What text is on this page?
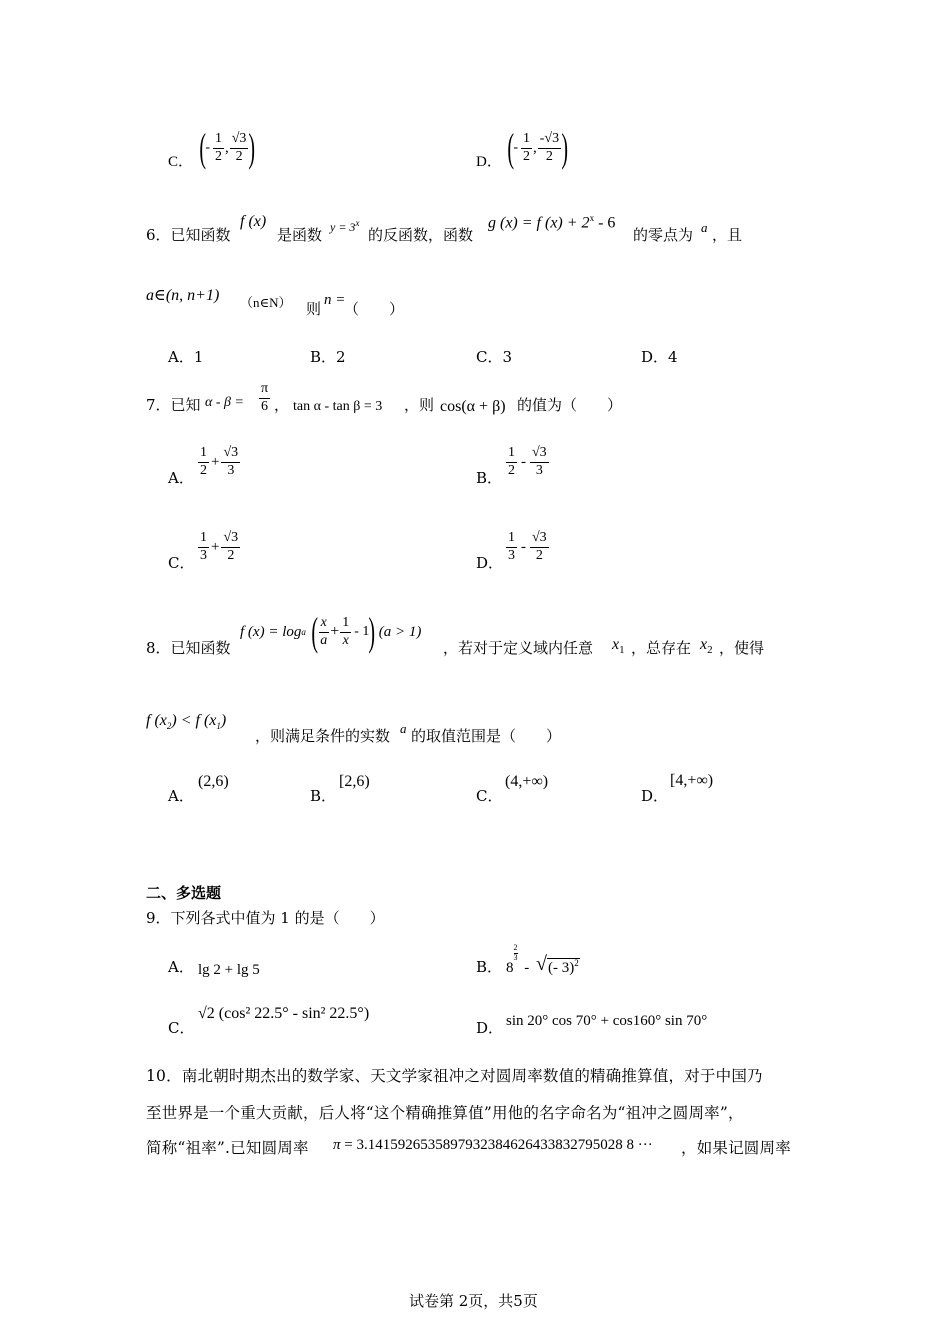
C． ( - $\frac{1}{2}$ , $\frac{√3}{2}$ )	D． ( - $\frac{1}{2}$ , $\frac{-√3}{2}$ )
6．已知函数
f (x)
是函数 $y = 3^x$
的反函数，函数
g (x) = f $(x) + 2^x - 6$
的零点为 a ，且
a∈(n, n+1) （n∈N） 则 n =
（　　）
A．1	B．2	C．3	D．4
7．已知 $\alpha - \beta = \frac{\pi}{6}$ ， tan α - tan β = 3 ，则 cos(α + β) 的值为（　　）
A． $\frac{1}{2} + \frac{√3}{3}$	B． $\frac{1}{2} - \frac{√3}{3}$
C． $\frac{1}{3} + \frac{√3}{2}$	D． $\frac{1}{3} - \frac{√3}{2}$
8．已知函数
f (x) = log a ( $\frac{x}{a} + \frac{1}{x} - 1$ ) (a > 1)
，若对于定义域内任意 $x_1$ ，总存在 $x_2$ ，使得
f $(x_2) < f$ $(x_1)$
，则满足条件的实数 a 的取值范围是（　　）
A．
(2,6)
B．
[2,6)
C．
(4,+∞)
D．
[4,+∞)
二、多选题
9．下列各式中值为 1 的是（　　）
A． lg 2 + lg 5	B． 8
$\frac{2}{3}$
- √(- 3)$^2$
C．
√2 (cos² 22.5° - sin² 22.5°)
D． sin 20° cos 70° + cos160° sin 70°
10．南北朝时期杰出的数学家、天文学家祖冲之对圆周率数值的精确推算值，对于中国乃
至世界是一个重大贡献，后人将“这个精确推算值”用他的名字命名为“祖冲之圆周率”，
简称“祖率”.已知圆周率 π = 3.1415926535897932384626433832795028 8 ··· ，如果记圆周率
试卷第 2页，共5页
